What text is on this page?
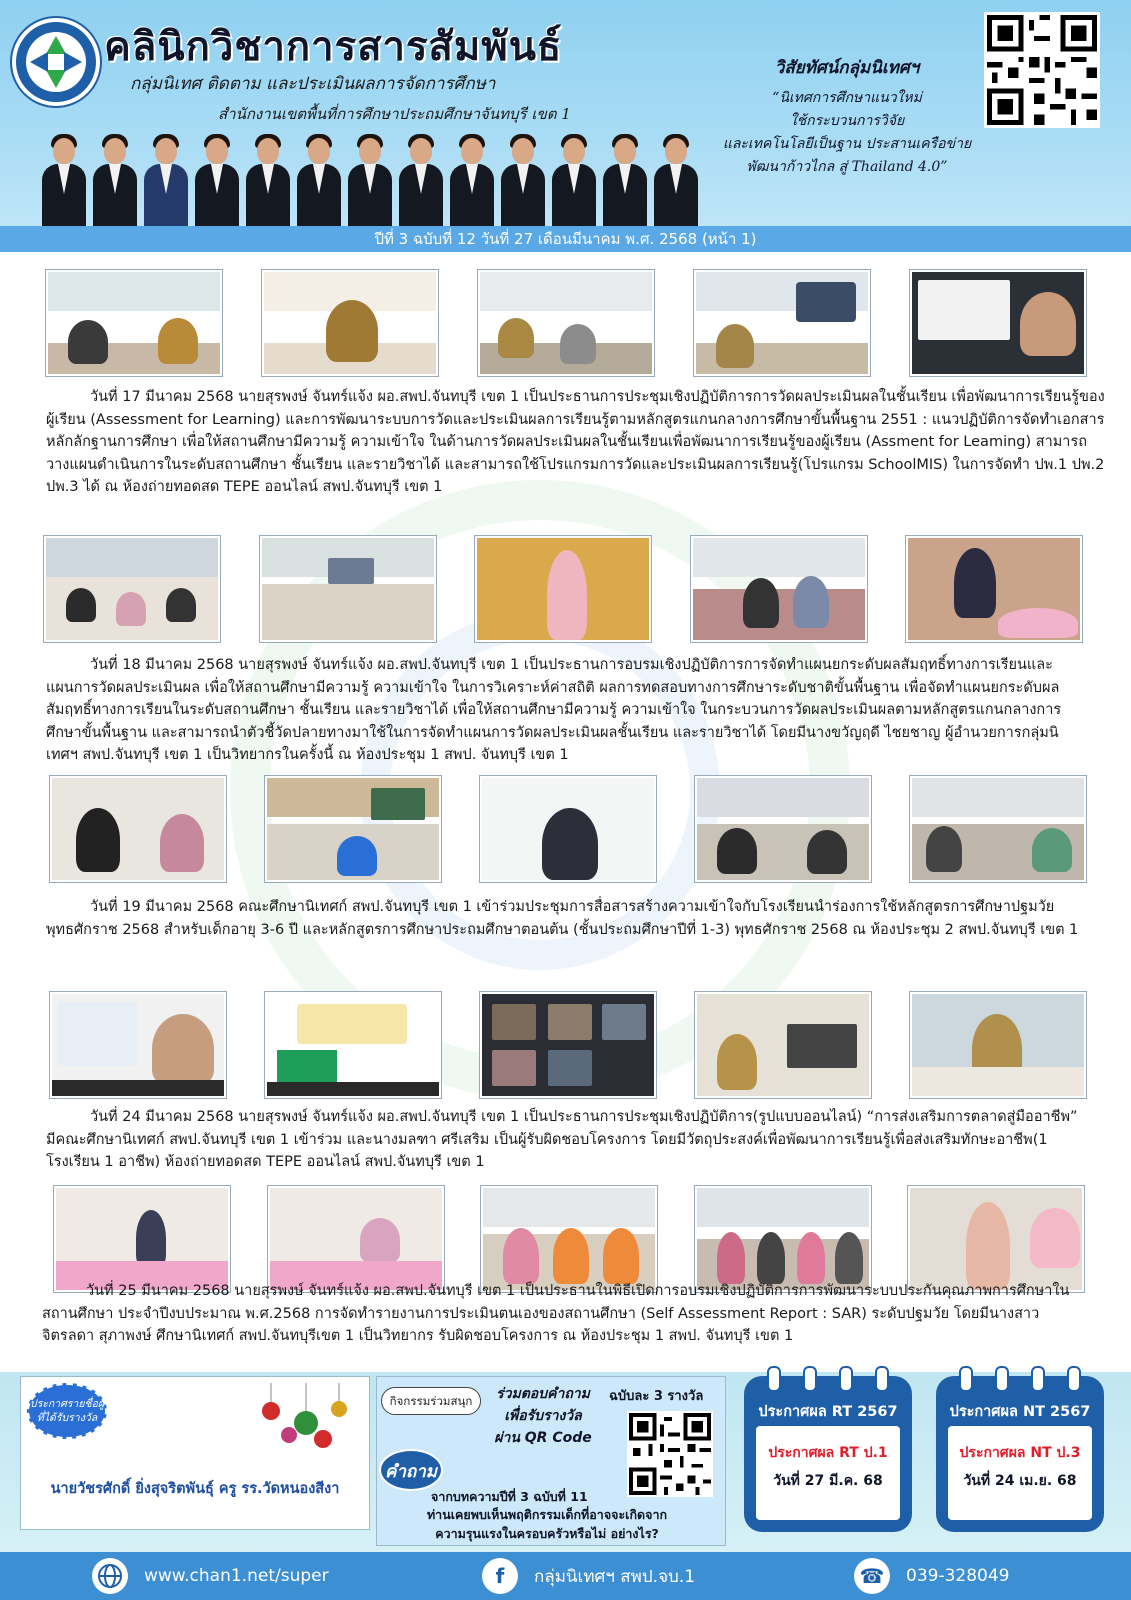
คลินิกวิชาการสารสัมพันธ์
กลุ่มนิเทศ ติดตาม และประเมินผลการจัดการศึกษา
สำนักงานเขตพื้นที่การศึกษาประถมศึกษาจันทบุรี เขต 1
วิสัยทัศน์กลุ่มนิเทศฯ
“นิเทศการศึกษาแนวใหม่
ใช้กระบวนการวิจัย
และเทคโนโลยีเป็นฐาน ประสานเครือข่าย
พัฒนาก้าวไกล สู่ Thailand 4.0”
ปีที่ 3 ฉบับที่ 12 วันที่ 27 เดือนมีนาคม พ.ศ. 2568 (หน้า 1)
วันที่ 17 มีนาคม 2568 นายสุรพงษ์ จันทร์แจ้ง ผอ.สพป.จันทบุรี เขต 1 เป็นประธานการประชุมเชิงปฏิบัติการการวัดผลประเมินผลในชั้นเรียน เพื่อพัฒนาการเรียนรู้ของผู้เรียน (Assessment for Learning) และการพัฒนาระบบการวัดและประเมินผลการเรียนรู้ตามหลักสูตรแกนกลางการศึกษาขั้นพื้นฐาน 2551 : แนวปฏิบัติการจัดทำเอกสารหลักลักฐานการศึกษา เพื่อให้สถานศึกษามีความรู้ ความเข้าใจ ในด้านการวัดผลประเมินผลในชั้นเรียนเพื่อพัฒนาการเรียนรู้ของผู้เรียน (Assment for Leaming) สามารถวางแผนดำเนินการในระดับสถานศึกษา ชั้นเรียน และรายวิชาได้ และสามารถใช้โปรแกรมการวัดและประเมินผลการเรียนรู้(โปรแกรม SchoolMIS) ในการจัดทำ ปพ.1 ปพ.2 ปพ.3 ได้ ณ ห้องถ่ายทอดสด TEPE ออนไลน์ สพป.จันทบุรี เขต 1
วันที่ 18 มีนาคม 2568 นายสุรพงษ์ จันทร์แจ้ง ผอ.สพป.จันทบุรี เขต 1 เป็นประธานการอบรมเชิงปฏิบัติการการจัดทำแผนยกระดับผลสัมฤทธิ์ทางการเรียนและแผนการวัดผลประเมินผล เพื่อให้สถานศึกษามีความรู้ ความเข้าใจ ในการวิเคราะห์ค่าสถิติ ผลการทดสอบทางการศึกษาระดับชาติขั้นพื้นฐาน เพื่อจัดทำแผนยกระดับผลสัมฤทธิ์ทางการเรียนในระดับสถานศึกษา ชั้นเรียน และรายวิชาได้ เพื่อให้สถานศึกษามีความรู้ ความเข้าใจ ในกระบวนการวัดผลประเมินผลตามหลักสูตรแกนกลางการศึกษาขั้นพื้นฐาน และสามารถนำตัวชี้วัดปลายทางมาใช้ในการจัดทำแผนการวัดผลประเมินผลชั้นเรียน และรายวิชาได้ โดยมีนางขวัญฤดี ไชยชาญ ผู้อำนวยการกลุ่มนิเทศฯ สพป.จันทบุรี เขต 1 เป็นวิทยากรในครั้งนี้ ณ ห้องประชุม 1 สพป. จันทบุรี เขต 1
วันที่ 19 มีนาคม 2568 คณะศึกษานิเทศก์ สพป.จันทบุรี เขต 1 เข้าร่วมประชุมการสื่อสารสร้างความเข้าใจกับโรงเรียนนำร่องการใช้หลักสูตรการศึกษาปฐมวัย พุทธศักราช 2568 สำหรับเด็กอายุ 3-6 ปี และหลักสูตรการศึกษาประถมศึกษาตอนต้น (ชั้นประถมศึกษาปีที่ 1-3) พุทธศักราช 2568 ณ ห้องประชุม 2 สพป.จันทบุรี เขต 1
วันที่ 24 มีนาคม 2568 นายสุรพงษ์ จันทร์แจ้ง ผอ.สพป.จันทบุรี เขต 1 เป็นประธานการประชุมเชิงปฏิบัติการ(รูปแบบออนไลน์) “การส่งเสริมการตลาดสู่มืออาชีพ” มีคณะศึกษานิเทศก์ สพป.จันทบุรี เขต 1 เข้าร่วม และนางมลฑา ศรีเสริม เป็นผู้รับผิดชอบโครงการ โดยมีวัตถุประสงค์เพื่อพัฒนาการเรียนรู้เพื่อส่งเสริมทักษะอาชีพ(1 โรงเรียน 1 อาชีพ) ห้องถ่ายทอดสด TEPE ออนไลน์ สพป.จันทบุรี เขต 1
วันที่ 25 มีนาคม 2568 นายสุรพงษ์ จันทร์แจ้ง ผอ.สพป.จันทบุรี เขต 1 เป็นประธานในพิธีเปิดการอบรมเชิงปฏิบัติการการพัฒนาระบบประกันคุณภาพการศึกษาในสถานศึกษา ประจำปีงบประมาณ พ.ศ.2568 การจัดทำรายงานการประเมินตนเองของสถานศึกษา (Self Assessment Report : SAR) ระดับปฐมวัย โดยมีนางสาวจิตรลดา สุภาพงษ์ ศึกษานิเทศก์ สพป.จันทบุรีเขต 1 เป็นวิทยากร รับผิดชอบโครงการ ณ ห้องประชุม 1 สพป. จันทบุรี เขต 1
ประกาศรายชื่อผู้ที่ได้รับรางวัล
นายวัชรศักดิ์ ยิ่งสุจริตพันธุ์ ครู รร.วัดหนองสีงา
กิจกรรมร่วมสนุก	ร่วมตอบคำถาม
เพื่อรับรางวัล
ผ่าน QR Code
ฉบับละ 3 รางวัล
คำถาม
จากบทความปีที่ 3 ฉบับที่ 11
ท่านเคยพบเห็นพฤติกรรมเด็กที่อาจจะเกิดจาก
ความรุนแรงในครอบครัวหรือไม่ อย่างไร?
ประกาศผล RT 2567
ประกาศผล RT ป.1
วันที่ 27 มี.ค. 68
ประกาศผล NT 2567
ประกาศผล NT ป.3
วันที่ 24 เม.ย. 68
www.chan1.net/super	f	กลุ่มนิเทศฯ สพป.จบ.1	☎	039-328049
